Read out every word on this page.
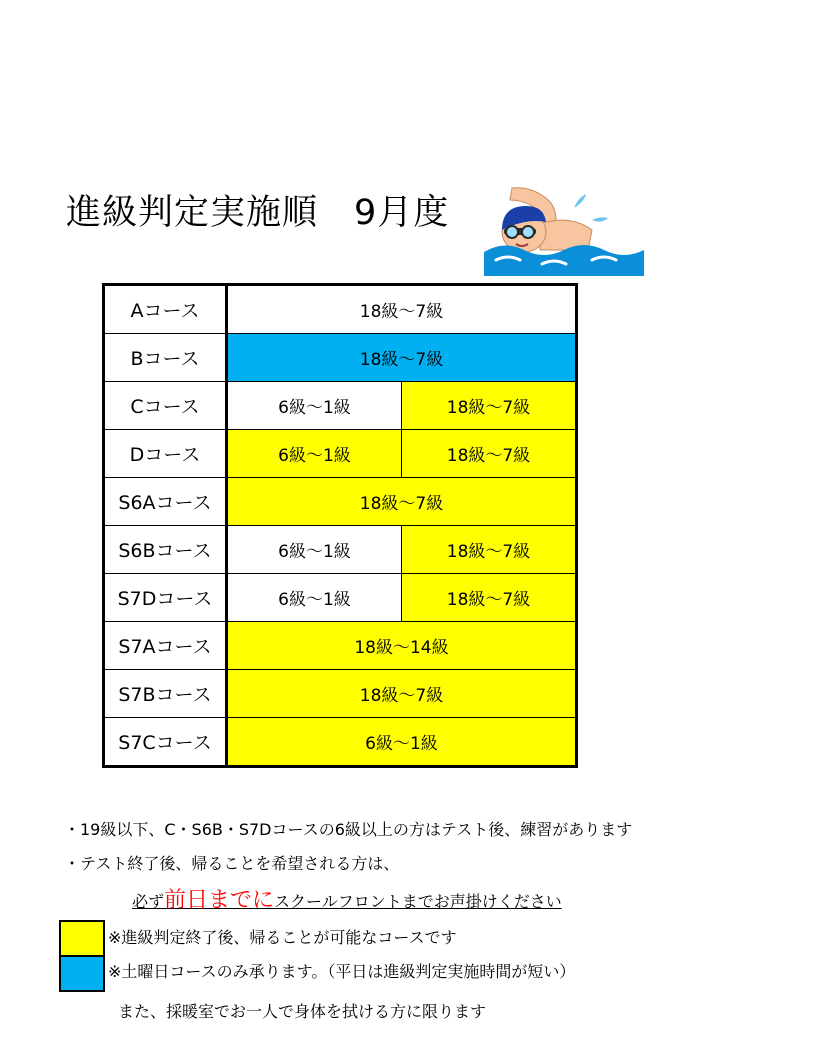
進級判定実施順　9月度
Aコース	18級～7級	
Bコース	18級～7級	
Cコース	6級～1級	18級～7級
Dコース	6級～1級	18級～7級
S6Aコース	18級～7級	
S6Bコース	6級～1級	18級～7級
S7Dコース	6級～1級	18級～7級
S7Aコース	18級～14級	
S7Bコース	18級～7級	
S7Cコース	6級～1級	
・19級以下、C・S6B・S7Dコースの6級以上の方はテスト後、練習があります
・テスト終了後、帰ることを希望される方は、
必ず前日までにスクールフロントまでお声掛けください
※進級判定終了後、帰ることが可能なコースです
※土曜日コースのみ承ります。（平日は進級判定実施時間が短い）
また、採暖室でお一人で身体を拭ける方に限ります
